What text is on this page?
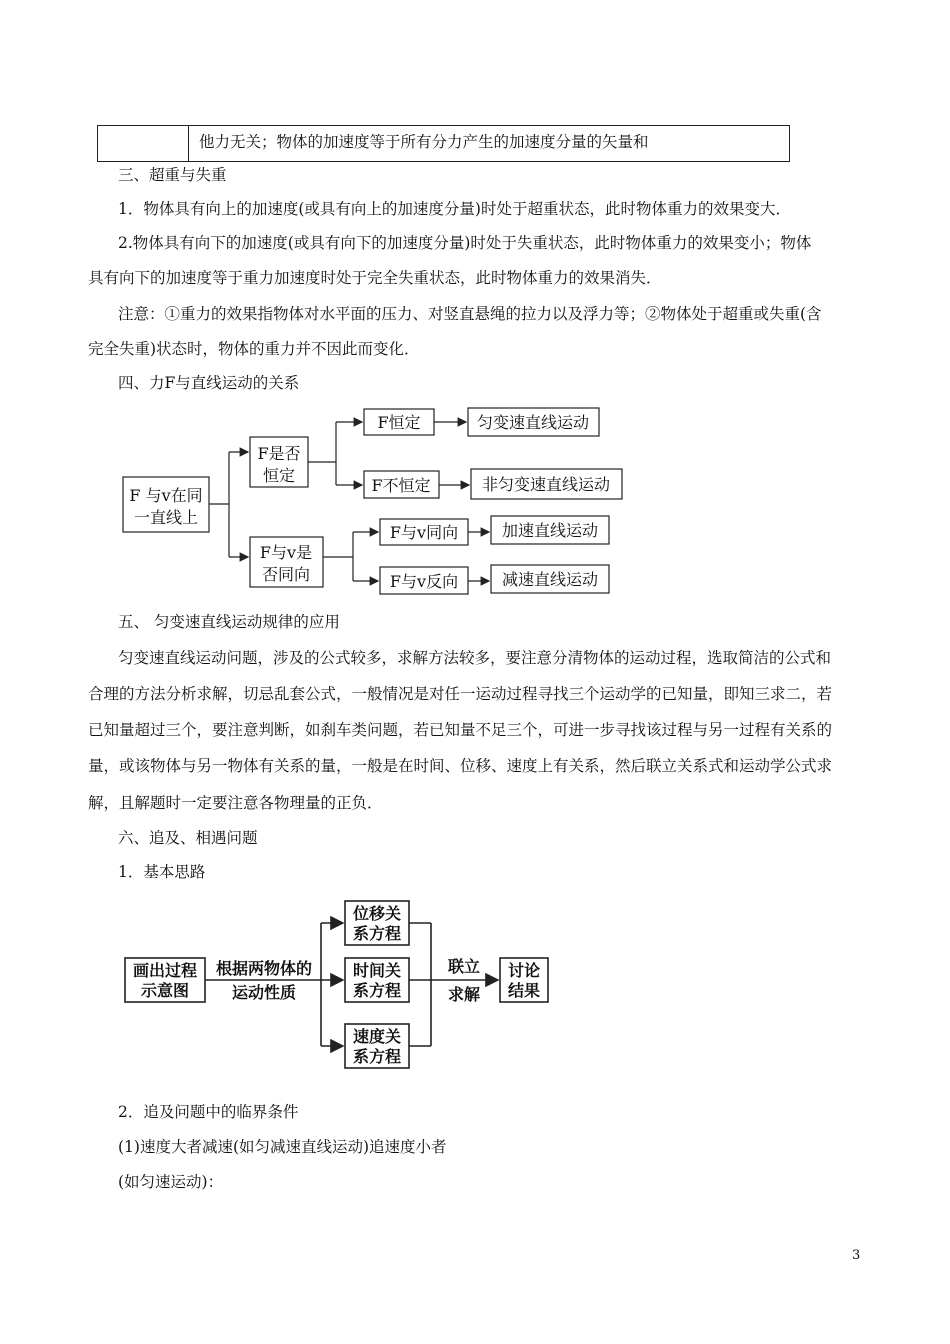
	他力无关；物体的加速度等于所有分力产生的加速度分量的矢量和
三、超重与失重
1．物体具有向上的加速度(或具有向上的加速度分量)时处于超重状态，此时物体重力的效果变大．
2.物体具有向下的加速度(或具有向下的加速度分量)时处于失重状态，此时物体重力的效果变小；物体
具有向下的加速度等于重力加速度时处于完全失重状态，此时物体重力的效果消失．
注意：①重力的效果指物体对水平面的压力、对竖直悬绳的拉力以及浮力等；②物体处于超重或失重(含
完全失重)状态时，物体的重力并不因此而变化．
四、力F与直线运动的关系
F 与v在同
一直线上
F是否
恒定
F与v是
否同向
F恒定
F不恒定
F与v同向
F与v反向
匀变速直线运动
非匀变速直线运动
加速直线运动
减速直线运动
五、 匀变速直线运动规律的应用
匀变速直线运动问题，涉及的公式较多，求解方法较多，要注意分清物体的运动过程，选取简洁的公式和
合理的方法分析求解，切忌乱套公式，一般情况是对任一运动过程寻找三个运动学的已知量，即知三求二，若
已知量超过三个，要注意判断，如刹车类问题，若已知量不足三个，可进一步寻找该过程与另一过程有关系的
量，或该物体与另一物体有关系的量，一般是在时间、位移、速度上有关系，然后联立关系式和运动学公式求
解，且解题时一定要注意各物理量的正负．
六、追及、相遇问题
1．基本思路
画出过程
示意图
根据两物体的
运动性质
位移关
系方程
时间关
系方程
速度关
系方程
联立
求解
讨论
结果
2．追及问题中的临界条件
(1)速度大者减速(如匀减速直线运动)追速度小者
(如匀速运动)：
3
